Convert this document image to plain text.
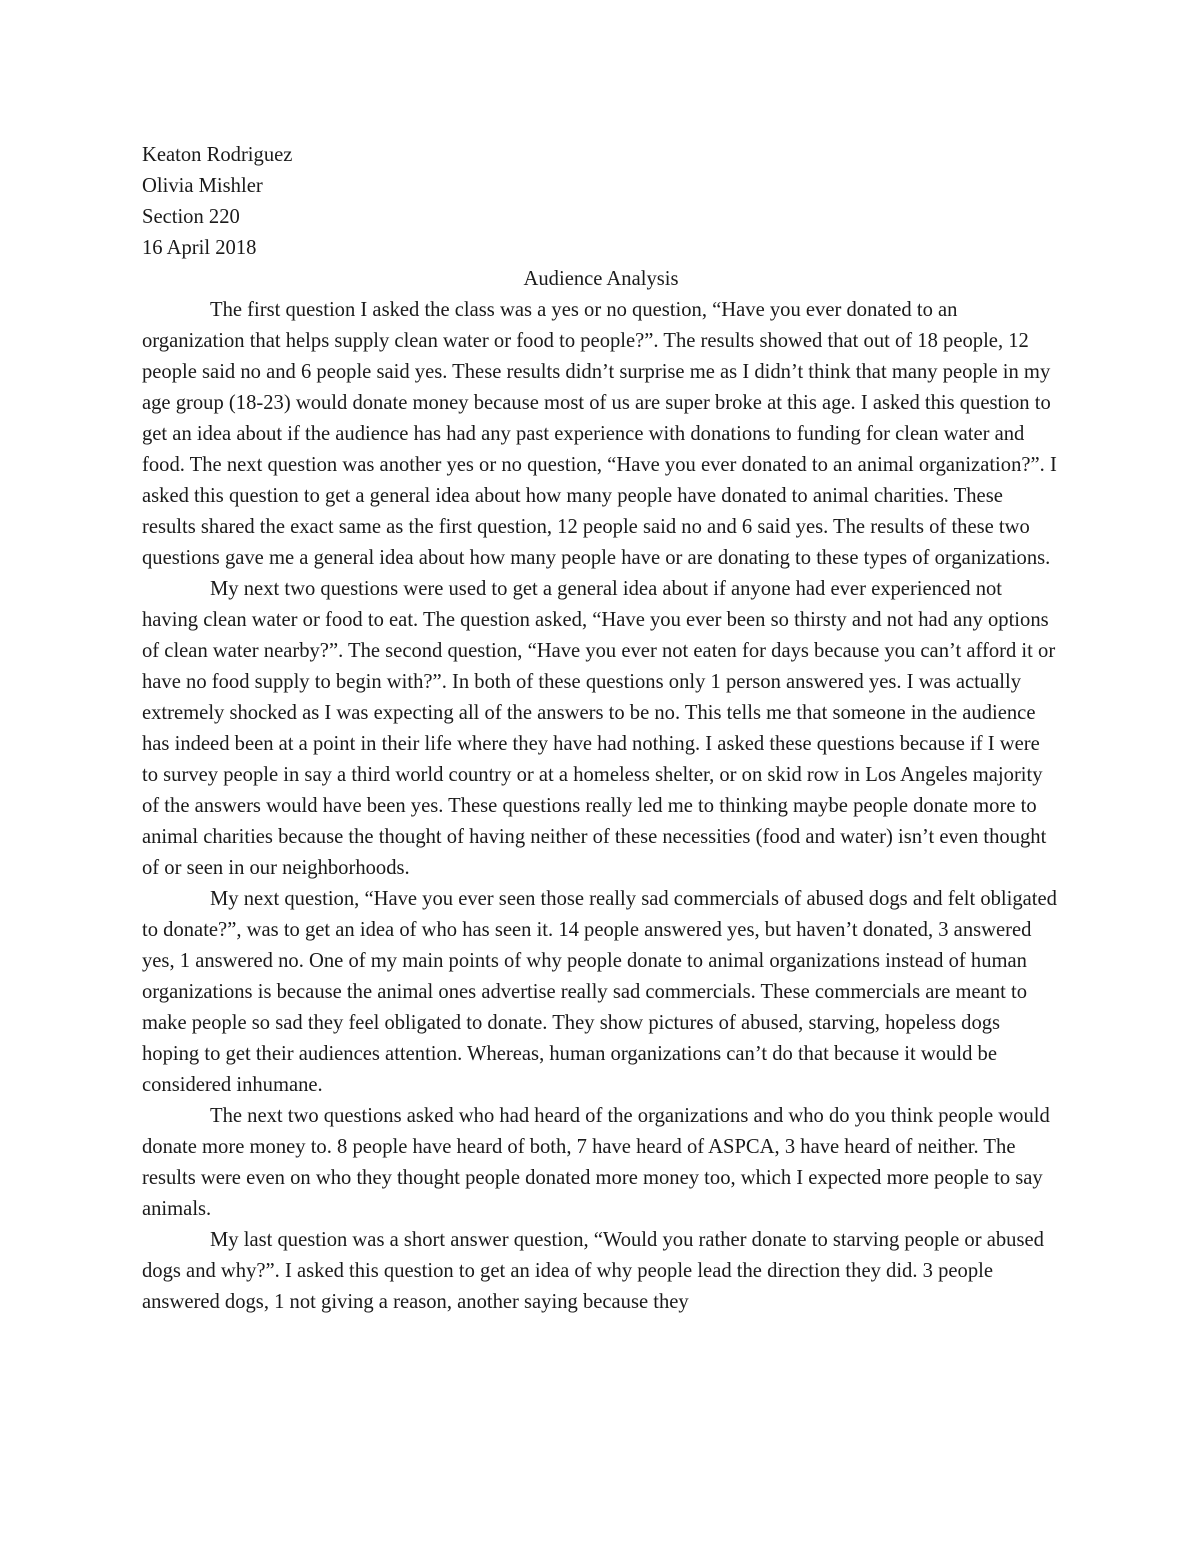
Keaton Rodriguez

Olivia Mishler

Section 220

16 April 2018

Audience Analysis

The first question I asked the class was a yes or no question, “Have you ever donated to an organization that helps supply clean water or food to people?”. The results showed that out of 18 people, 12 people said no and 6 people said yes. These results didn’t surprise me as I didn’t think that many people in my age group (18-23) would donate money because most of us are super broke at this age. I asked this question to get an idea about if the audience has had any past experience with donations to funding for clean water and food. The next question was another yes or no question, “Have you ever donated to an animal organization?”. I asked this question to get a general idea about how many people have donated to animal charities. These results shared the exact same as the first question, 12 people said no and 6 said yes. The results of these two questions gave me a general idea about how many people have or are donating to these types of organizations.

My next two questions were used to get a general idea about if anyone had ever experienced not having clean water or food to eat. The question asked, “Have you ever been so thirsty and not had any options of clean water nearby?”. The second question, “Have you ever not eaten for days because you can’t afford it or have no food supply to begin with?”. In both of these questions only 1 person answered yes. I was actually extremely shocked as I was expecting all of the answers to be no. This tells me that someone in the audience has indeed been at a point in their life where they have had nothing. I asked these questions because if I were to survey people in say a third world country or at a homeless shelter, or on skid row in Los Angeles majority of the answers would have been yes. These questions really led me to thinking maybe people donate more to animal charities because the thought of having neither of these necessities (food and water) isn’t even thought of or seen in our neighborhoods.

My next question, “Have you ever seen those really sad commercials of abused dogs and felt obligated to donate?”, was to get an idea of who has seen it. 14 people answered yes, but haven’t donated, 3 answered yes, 1 answered no. One of my main points of why people donate to animal organizations instead of human organizations is because the animal ones advertise really sad commercials. These commercials are meant to make people so sad they feel obligated to donate. They show pictures of abused, starving, hopeless dogs hoping to get their audiences attention. Whereas, human organizations can’t do that because it would be considered inhumane.

The next two questions asked who had heard of the organizations and who do you think people would donate more money to. 8 people have heard of both, 7 have heard of ASPCA, 3 have heard of neither. The results were even on who they thought people donated more money too, which I expected more people to say animals.

My last question was a short answer question, “Would you rather donate to starving people or abused dogs and why?”. I asked this question to get an idea of why people lead the direction they did. 3 people answered dogs, 1 not giving a reason, another saying because they
